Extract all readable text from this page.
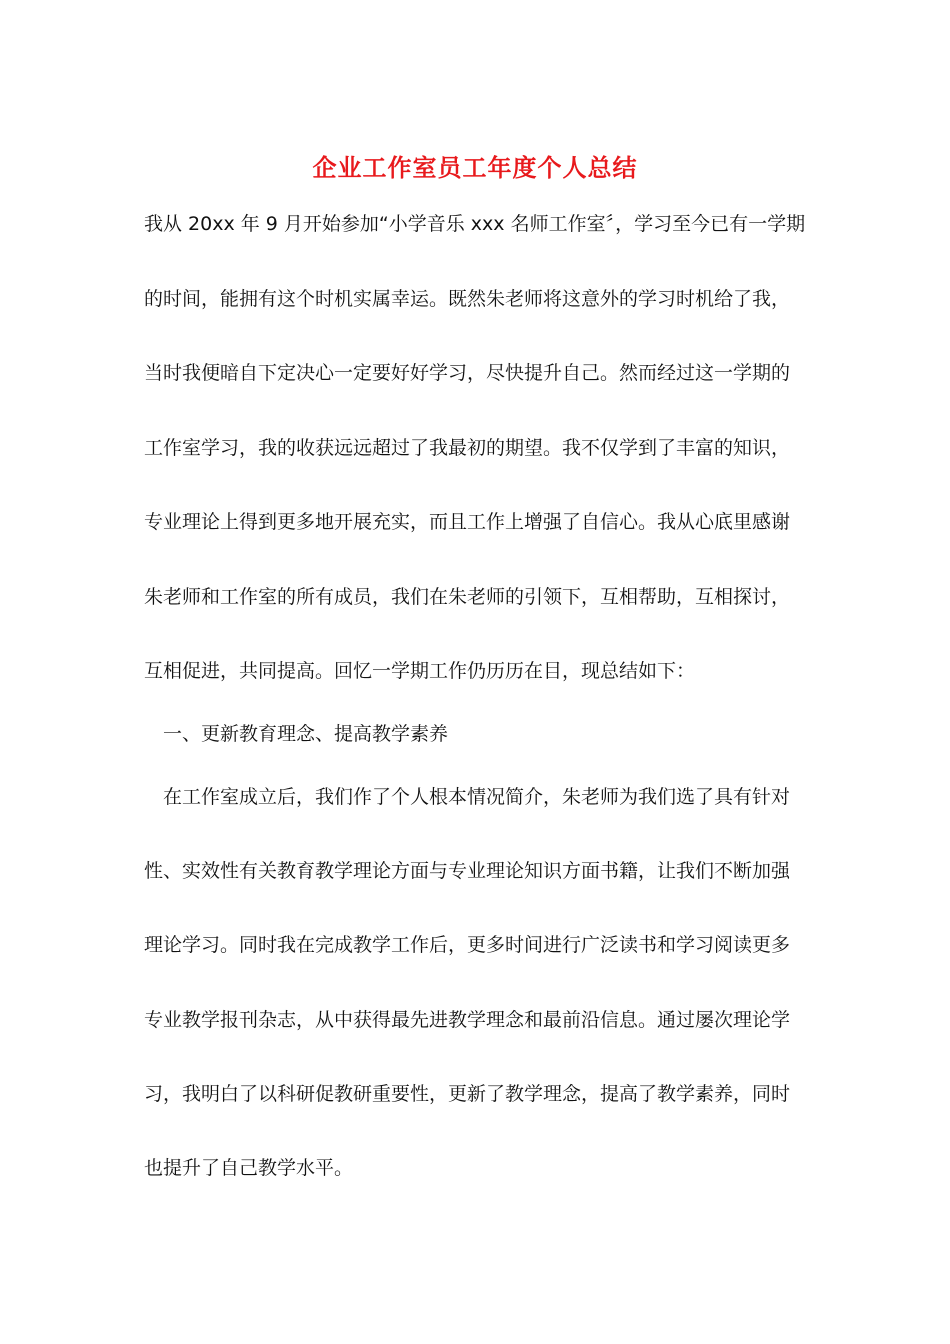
企业工作室员工年度个人总结
我从 20xx 年 9 月开始参加“小学音乐 xxx 名师工作室〞，学习至今已有一学期
的时间，能拥有这个时机实属幸运。既然朱老师将这意外的学习时机给了我，
当时我便暗自下定决心一定要好好学习，尽快提升自己。然而经过这一学期的
工作室学习，我的收获远远超过了我最初的期望。我不仅学到了丰富的知识，
专业理论上得到更多地开展充实，而且工作上增强了自信心。我从心底里感谢
朱老师和工作室的所有成员，我们在朱老师的引领下，互相帮助，互相探讨，
互相促进，共同提高。回忆一学期工作仍历历在目，现总结如下：
一、更新教育理念、提高教学素养
在工作室成立后，我们作了个人根本情况简介，朱老师为我们选了具有针对
性、实效性有关教育教学理论方面与专业理论知识方面书籍，让我们不断加强
理论学习。同时我在完成教学工作后，更多时间进行广泛读书和学习阅读更多
专业教学报刊杂志，从中获得最先进教学理念和最前沿信息。通过屡次理论学
习，我明白了以科研促教研重要性，更新了教学理念，提高了教学素养，同时
也提升了自己教学水平。
